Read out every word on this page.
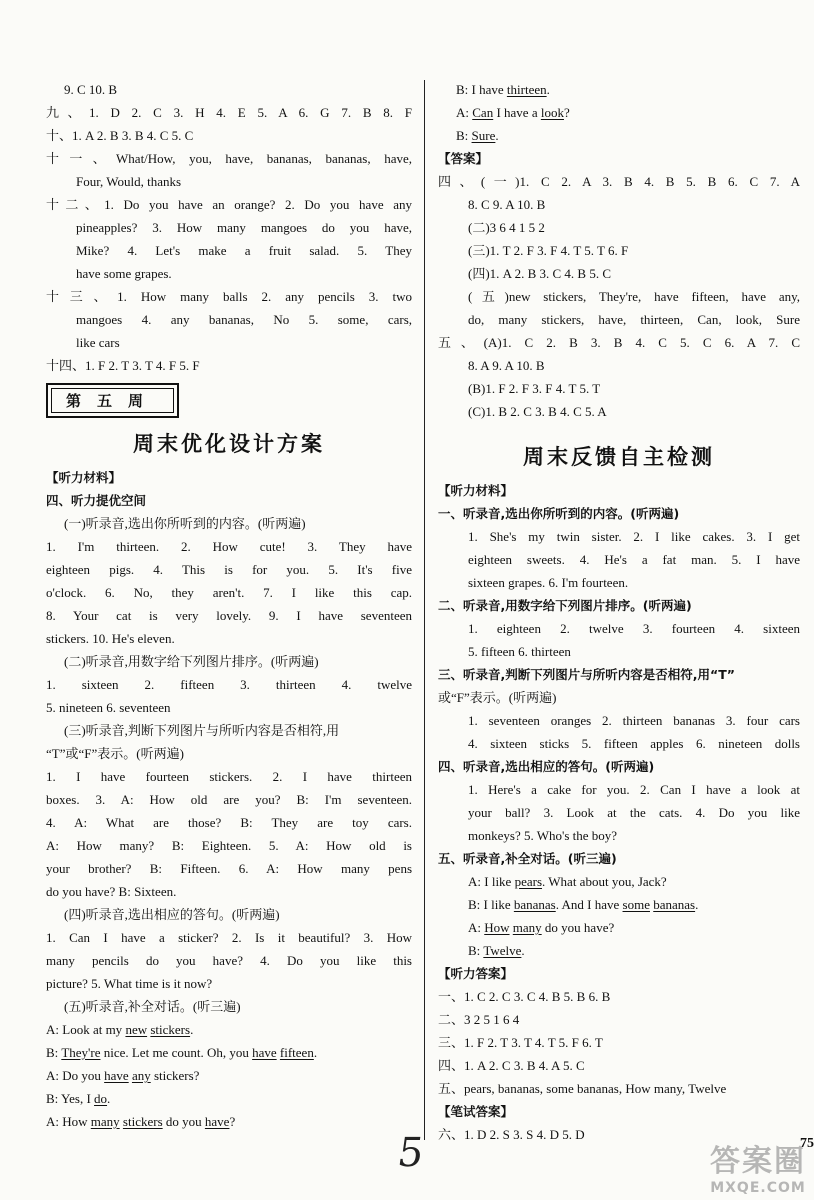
9. C 10. B
九、1. D 2. C 3. H 4. E 5. A 6. G 7. B 8. F
十、1. A 2. B 3. B 4. C 5. C
十一、What/How, you, have, bananas, bananas, have,
Four, Would, thanks
十二、1. Do you have an orange? 2. Do you have any
pineapples? 3. How many mangoes do you have,
Mike? 4. Let's make a fruit salad. 5. They
have some grapes.
十三、1. How many balls 2. any pencils 3. two
mangoes 4. any bananas, No 5. some, cars,
like cars
十四、1. F 2. T 3. T 4. F 5. F
第五周
周末优化设计方案
【听力材料】
四、听力提优空间
(一)听录音,选出你所听到的内容。(听两遍)
1. I'm thirteen. 2. How cute! 3. They have
eighteen pigs. 4. This is for you. 5. It's five
o'clock. 6. No, they aren't. 7. I like this cap.
8. Your cat is very lovely. 9. I have seventeen
stickers. 10. He's eleven.
(二)听录音,用数字给下列图片排序。(听两遍)
1. sixteen 2. fifteen 3. thirteen 4. twelve
5. nineteen 6. seventeen
(三)听录音,判断下列图片与所听内容是否相符,用
“T”或“F”表示。(听两遍)
1. I have fourteen stickers. 2. I have thirteen
boxes. 3. A: How old are you? B: I'm seventeen.
4. A: What are those? B: They are toy cars.
A: How many? B: Eighteen. 5. A: How old is
your brother? B: Fifteen. 6. A: How many pens
do you have? B: Sixteen.
(四)听录音,选出相应的答句。(听两遍)
1. Can I have a sticker? 2. Is it beautiful? 3. How
many pencils do you have? 4. Do you like this
picture? 5. What time is it now?
(五)听录音,补全对话。(听三遍)
A: Look at my new stickers.
B: They're nice. Let me count. Oh, you have fifteen.
A: Do you have any stickers?
B: Yes, I do.
A: How many stickers do you have?
B: I have thirteen.
A: Can I have a look?
B: Sure.
【答案】
四、(一)1. C 2. A 3. B 4. B 5. B 6. C 7. A
8. C 9. A 10. B
(二)3 6 4 1 5 2
(三)1. T 2. F 3. F 4. T 5. T 6. F
(四)1. A 2. B 3. C 4. B 5. C
(五)new stickers, They're, have fifteen, have any,
do, many stickers, have, thirteen, Can, look, Sure
五、(A)1. C 2. B 3. B 4. C 5. C 6. A 7. C
8. A 9. A 10. B
(B)1. F 2. F 3. F 4. T 5. T
(C)1. B 2. C 3. B 4. C 5. A
周末反馈自主检测
【听力材料】
一、听录音,选出你所听到的内容。(听两遍)
1. She's my twin sister. 2. I like cakes. 3. I get
eighteen sweets. 4. He's a fat man. 5. I have
sixteen grapes. 6. I'm fourteen.
二、听录音,用数字给下列图片排序。(听两遍)
1. eighteen 2. twelve 3. fourteen 4. sixteen
5. fifteen 6. thirteen
三、听录音,判断下列图片与所听内容是否相符,用“T”
或“F”表示。(听两遍)
1. seventeen oranges 2. thirteen bananas 3. four cars
4. sixteen sticks 5. fifteen apples 6. nineteen dolls
四、听录音,选出相应的答句。(听两遍)
1. Here's a cake for you. 2. Can I have a look at
your ball? 3. Look at the cats. 4. Do you like
monkeys? 5. Who's the boy?
五、听录音,补全对话。(听三遍)
A: I like pears. What about you, Jack?
B: I like bananas. And I have some bananas.
A: How many do you have?
B: Twelve.
【听力答案】
一、1. C 2. C 3. C 4. B 5. B 6. B
二、3 2 5 1 6 4
三、1. F 2. T 3. T 4. T 5. F 6. T
四、1. A 2. C 3. B 4. A 5. C
五、pears, bananas, some bananas, How many, Twelve
【笔试答案】
六、1. D 2. S 3. S 4. D 5. D
5	75
答案圈
MXQE.COM
